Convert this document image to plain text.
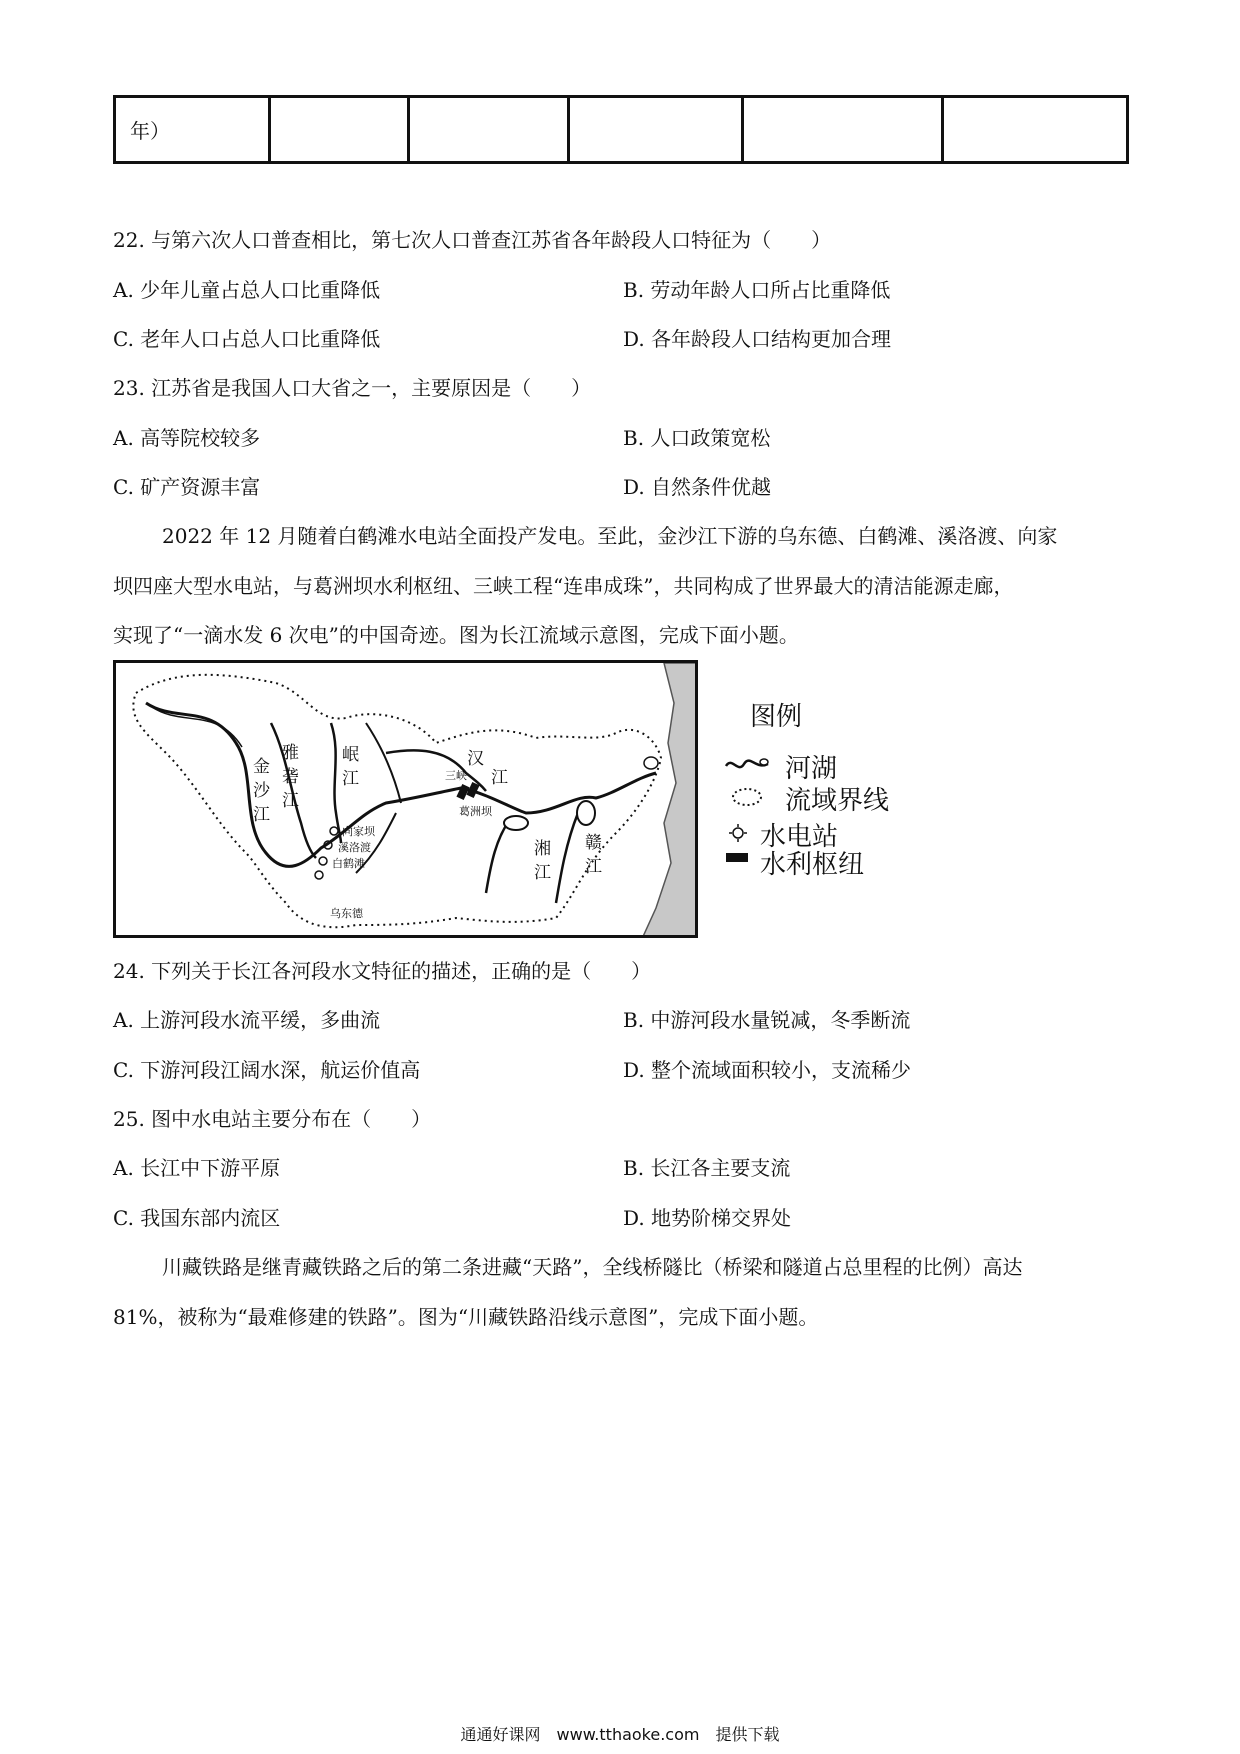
年）					
22. 与第六次人口普查相比，第七次人口普查江苏省各年龄段人口特征为（　　）
A. 少年儿童占总人口比重降低	B. 劳动年龄人口所占比重降低
C. 老年人口占总人口比重降低	D. 各年龄段人口结构更加合理
23. 江苏省是我国人口大省之一，主要原因是（　　）
A. 高等院校较多	B. 人口政策宽松
C. 矿产资源丰富	D. 自然条件优越
2022 年 12 月随着白鹤滩水电站全面投产发电。至此，金沙江下游的乌东德、白鹤滩、溪洛渡、向家
坝四座大型水电站，与葛洲坝水利枢纽、三峡工程“连串成珠”，共同构成了世界最大的清洁能源走廊，
实现了“一滴水发 6 次电”的中国奇迹。图为长江流域示意图，完成下面小题。
金
沙
江
雅
砻
江
岷
江
汉
江
湘
江
赣
江
三峡
葛洲坝
向家坝
溪洛渡
白鹤滩
乌东德
图例
河湖
流域界线
水电站
水利枢纽
24. 下列关于长江各河段水文特征的描述，正确的是（　　）
A. 上游河段水流平缓，多曲流	B. 中游河段水量锐减，冬季断流
C. 下游河段江阔水深，航运价值高	D. 整个流域面积较小，支流稀少
25. 图中水电站主要分布在（　　）
A. 长江中下游平原	B. 长江各主要支流
C. 我国东部内流区	D. 地势阶梯交界处
川藏铁路是继青藏铁路之后的第二条进藏“天路”，全线桥隧比（桥梁和隧道占总里程的比例）高达
81%，被称为“最难修建的铁路”。图为“川藏铁路沿线示意图”，完成下面小题。
通通好课网　www.tthaoke.com　提供下载
